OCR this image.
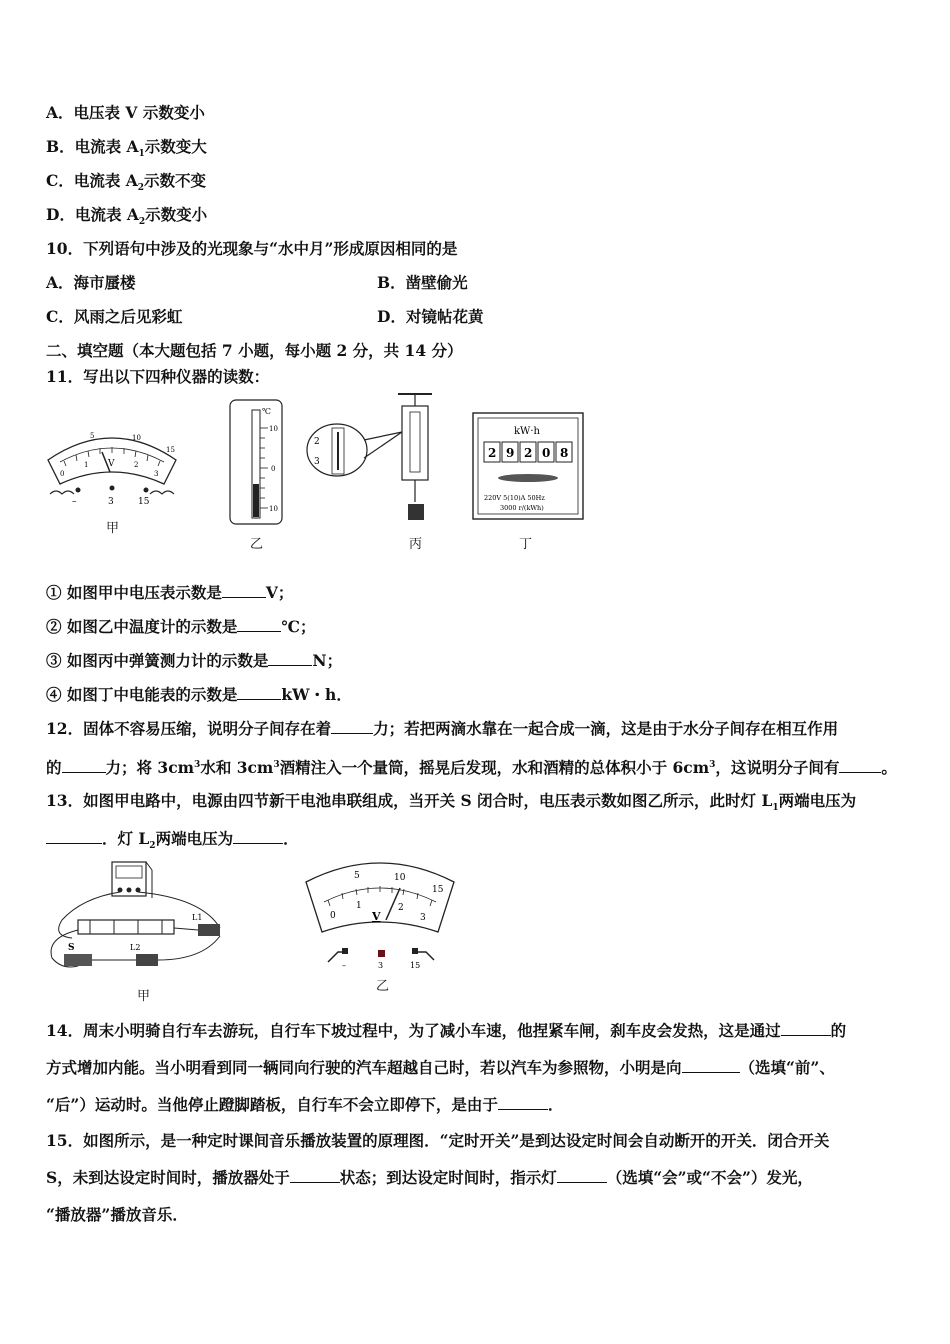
A．电压表 V 示数变小
B．电流表 $A_1$示数变大
C．电流表 $A_2$示数不变
D．电流表 $A_2$示数变小
10．下列语句中涉及的光现象与“水中月”形成原因相同的是
A．海市蜃楼	B．凿壁偷光
C．风雨之后见彩虹	D．对镜帖花黄
二、填空题（本大题包括 7 小题，每小题 2 分，共 14 分）
11．写出以下四种仪器的读数：
5	10
15
0
1	2
3
V
–	3	15
甲
℃
10
0
10
乙
2
3
丙
kW·h
2 9 2 0 8
220V 5(10)A 50Hz
3000 r/(kWh)
丁
① 如图甲中电压表示数是	V；
② 如图乙中温度计的示数是	℃；
③ 如图丙中弹簧测力计的示数是	N；
④ 如图丁中电能表的示数是	kW・h．
12．固体不容易压缩，说明分子间存在着	力；若把两滴水靠在一起合成一滴，这是由于水分子间存在相互作用
的	力；将 $3cm^3$水和 $3cm^3$酒精注入一个量筒，摇晃后发现，水和酒精的总体积小于 $6cm^3$，这说明分子间有	。
13．如图甲电路中，电源由四节新干电池串联组成，当开关 S 闭合时，电压表示数如图乙所示，此时灯 $L_1$两端电压为
．灯 $L_2$两端电压为	．
L1
S	L2
甲
5	10
15
0
1	2
3
V
–	3	15
乙
14．周末小明骑自行车去游玩，自行车下坡过程中，为了减小车速，他捏紧车闸，刹车皮会发热，这是通过	的
方式增加内能。当小明看到同一辆同向行驶的汽车超越自己时，若以汽车为参照物，小明是向	（选填“前”、
“后”）运动时。当他停止蹬脚踏板，自行车不会立即停下，是由于	．
15．如图所示，是一种定时课间音乐播放装置的原理图．“定时开关”是到达设定时间会自动断开的开关．闭合开关
S，未到达设定时间时，播放器处于	状态；到达设定时间时，指示灯	（选填“会”或“不会”）发光，
“播放器”播放音乐．
